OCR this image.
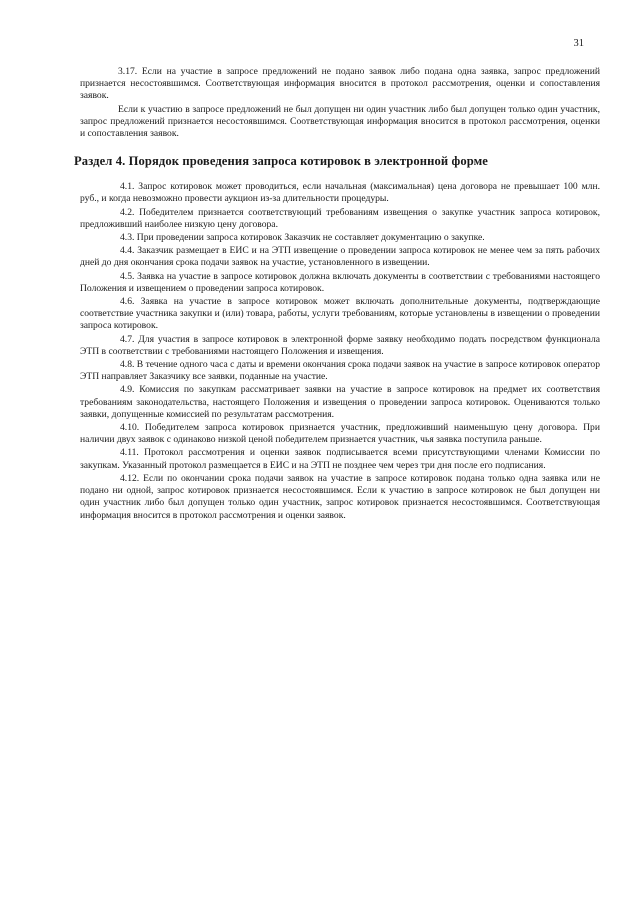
31

3.17. Если на участие в запросе предложений не подано заявок либо подана одна заявка, запрос предложений признается несостоявшимся. Соответствующая информация вносится в протокол рассмотрения, оценки и сопоставления заявок.

Если к участию в запросе предложений не был допущен ни один участник либо был допущен только один участник, запрос предложений признается несостоявшимся. Соответствующая информация вносится в протокол рассмотрения, оценки и сопоставления заявок.

Раздел 4. Порядок проведения запроса котировок в электронной форме

4.1. Запрос котировок может проводиться, если начальная (максимальная) цена договора не превышает 100 млн. руб., и когда невозможно провести аукцион из-за длительности процедуры.

4.2. Победителем признается соответствующий требованиям извещения о закупке участник запроса котировок, предложивший наиболее низкую цену договора.

4.3. При проведении запроса котировок Заказчик не составляет документацию о закупке.

4.4. Заказчик размещает в ЕИС и на ЭТП извещение о проведении запроса котировок не менее чем за пять рабочих дней до дня окончания срока подачи заявок на участие, установленного в извещении.

4.5. Заявка на участие в запросе котировок должна включать документы в соответствии с требованиями настоящего Положения и извещением о проведении запроса котировок.

4.6. Заявка на участие в запросе котировок может включать дополнительные документы, подтверждающие соответствие участника закупки и (или) товара, работы, услуги требованиям, которые установлены в извещении о проведении запроса котировок.

4.7. Для участия в запросе котировок в электронной форме заявку необходимо подать посредством функционала ЭТП в соответствии с требованиями настоящего Положения и извещения.

4.8. В течение одного часа с даты и времени окончания срока подачи заявок на участие в запросе котировок оператор ЭТП направляет Заказчику все заявки, поданные на участие.

4.9. Комиссия по закупкам рассматривает заявки на участие в запросе котировок на предмет их соответствия требованиям законодательства, настоящего Положения и извещения о проведении запроса котировок. Оцениваются только заявки, допущенные комиссией по результатам рассмотрения.

4.10. Победителем запроса котировок признается участник, предложивший наименьшую цену договора. При наличии двух заявок с одинаково низкой ценой победителем признается участник, чья заявка поступила раньше.

4.11. Протокол рассмотрения и оценки заявок подписывается всеми присутствующими членами Комиссии по закупкам. Указанный протокол размещается в ЕИС и на ЭТП не позднее чем через три дня после его подписания.

4.12. Если по окончании срока подачи заявок на участие в запросе котировок подана только одна заявка или не подано ни одной, запрос котировок признается несостоявшимся. Если к участию в запросе котировок не был допущен ни один участник либо был допущен только один участник, запрос котировок признается несостоявшимся. Соответствующая информация вносится в протокол рассмотрения и оценки заявок.
